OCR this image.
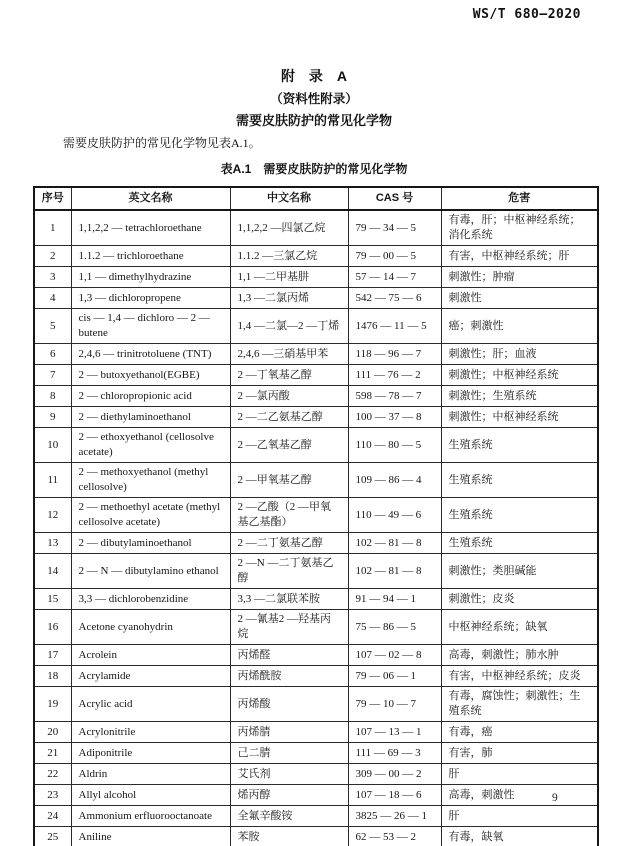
WS/T 680—2020
附　录　A
（资料性附录）
需要皮肤防护的常见化学物
需要皮肤防护的常见化学物见表A.1。
表A.1　需要皮肤防护的常见化学物
序号	英文名称	中文名称	CAS 号	危害
1	1,1,2,2 — tetrachloroethane	1,1,2,2 —四氯乙烷	79 — 34 — 5	有毒，肝；中枢神经系统；消化系统
2	1.1.2 — trichloroethane	1.1.2 —三氯乙烷	79 — 00 — 5	有害，中枢神经系统；肝
3	1,1 — dimethylhydrazine	1,1 —二甲基肼	57 — 14 — 7	刺激性；肿瘤
4	1,3 — dichloropropene	1,3 —二氯丙烯	542 — 75 — 6	刺激性
5	cis — 1,4 — dichloro — 2 — butene	1,4 —二氯—2 —丁烯	1476 — 11 — 5	癌；刺激性
6	2,4,6 — trinitrotoluene (TNT)	2,4,6 —三硝基甲苯	118 — 96 — 7	刺激性；肝；血液
7	2 — butoxyethanol(EGBE)	2 —丁氧基乙醇	111 — 76 — 2	刺激性；中枢神经系统
8	2 — chloropropionic acid	2 —氯丙酸	598 — 78 — 7	刺激性；生殖系统
9	2 — diethylaminoethanol	2 —二乙氨基乙醇	100 — 37 — 8	刺激性；中枢神经系统
10	2 — ethoxyethanol (cellosolve acetate)	2 —乙氧基乙醇	110 — 80 — 5	生殖系统
11	2 — methoxyethanol (methyl cellosolve)	2 —甲氧基乙醇	109 — 86 — 4	生殖系统
12	2 — methoethyl acetate (methyl cellosolve acetate)	2 —乙酸（2 —甲氧基乙基酯）	110 — 49 — 6	生殖系统
13	2 — dibutylaminoethanol	2 —二丁氨基乙醇	102 — 81 — 8	生殖系统
14	2 — N — dibutylamino ethanol	2 —N —二丁氨基乙醇	102 — 81 — 8	刺激性；类胆碱能
15	3,3 — dichlorobenzidine	3,3 —二氯联苯胺	91 — 94 — 1	刺激性；皮炎
16	Acetone cyanohydrin	2 —氰基2 —羟基丙烷	75 — 86 — 5	中枢神经系统；缺氧
17	Acrolein	丙烯醛	107 — 02 — 8	高毒，刺激性；肺水肿
18	Acrylamide	丙烯酰胺	79 — 06 — 1	有害，中枢神经系统；皮炎
19	Acrylic acid	丙烯酸	79 — 10 — 7	有毒，腐蚀性；刺激性；生殖系统
20	Acrylonitrile	丙烯腈	107 — 13 — 1	有毒，癌
21	Adiponitrile	己二腈	111 — 69 — 3	有害，肺
22	Aldrin	艾氏剂	309 — 00 — 2	肝
23	Allyl alcohol	烯丙醇	107 — 18 — 6	高毒，刺激性
24	Ammonium erfluorooctanoate	全氟辛酸铵	3825 — 26 — 1	肝
25	Aniline	苯胺	62 — 53 — 2	有毒，缺氧
9
